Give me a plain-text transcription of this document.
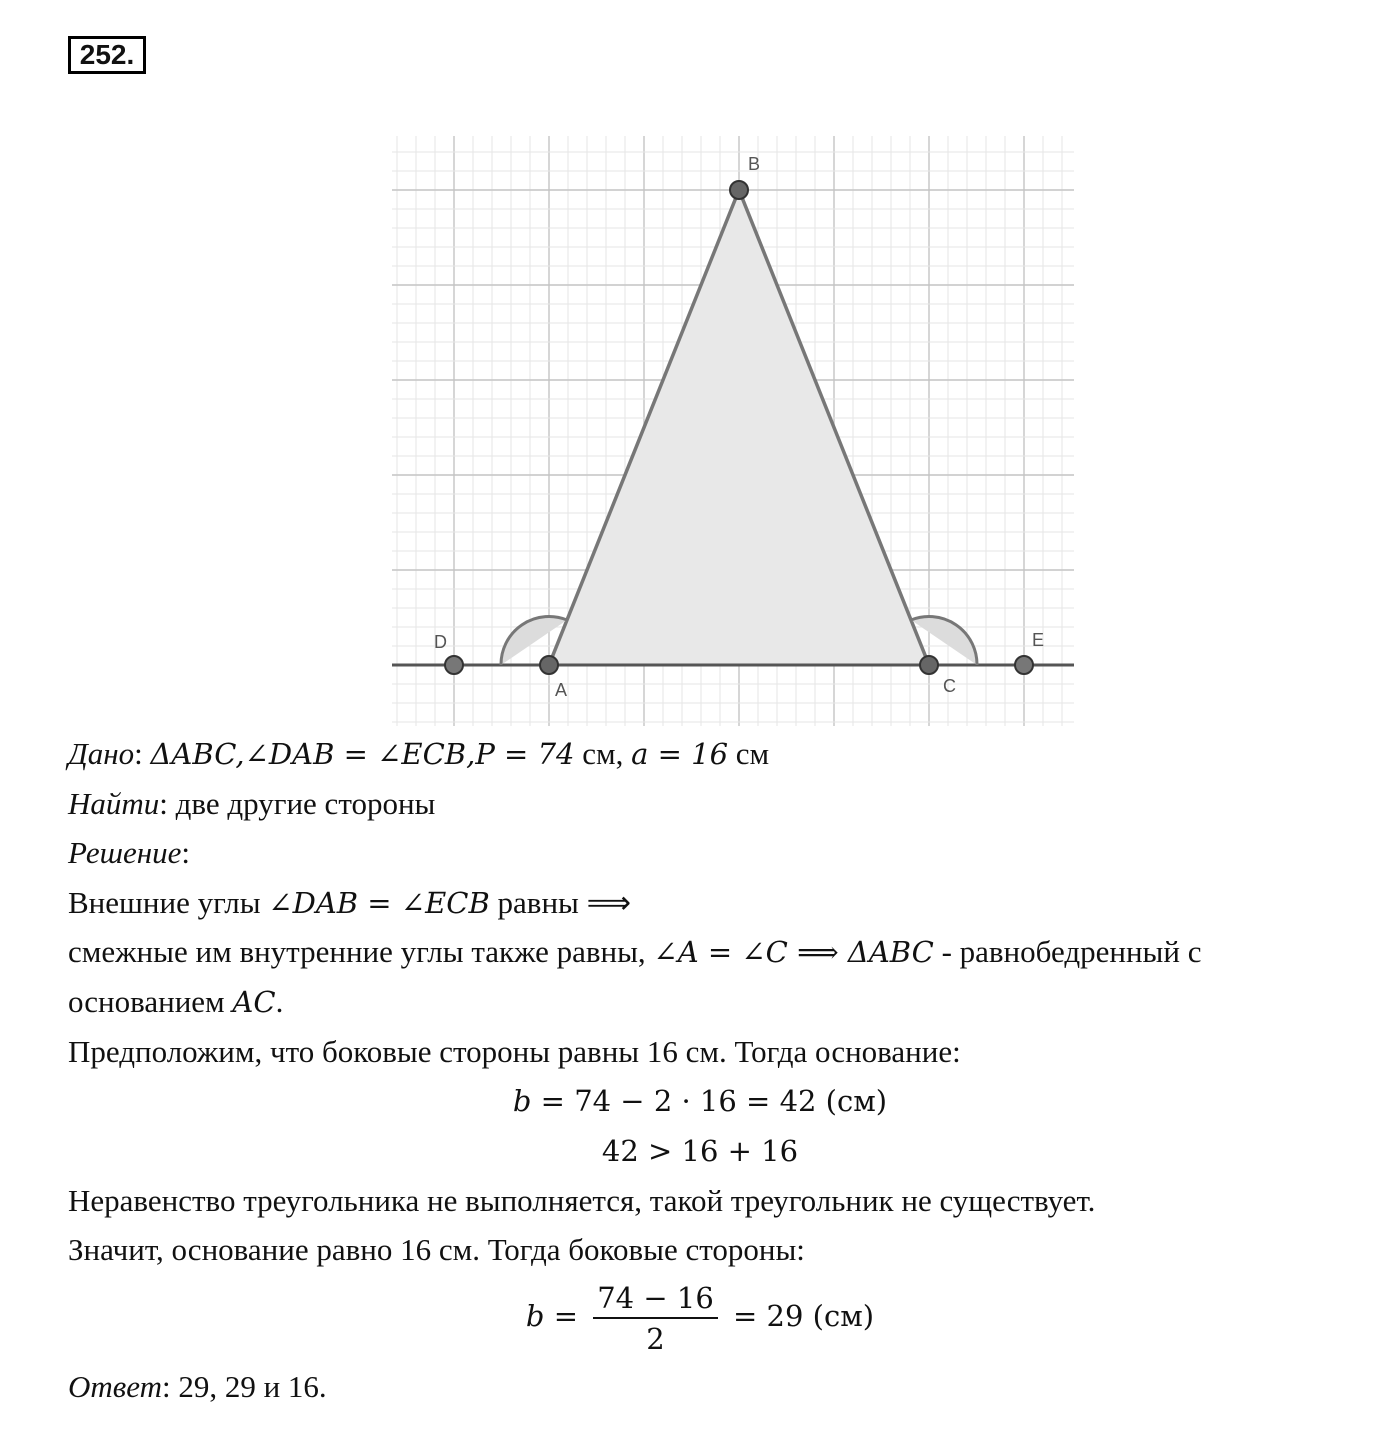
252.
B
D
A	C
E
Дано: ΔABC,∠DAB = ∠ECB,P = 74 см, a = 16 см
Найти: две другие стороны
Решение:
Внешние углы ∠DAB = ∠ECB равны ⟹
смежные им внутренние углы также равны, ∠A = ∠C ⟹ ΔABC - равнобедренный с
основанием AC.
Предположим, что боковые стороны равны 16 см. Тогда основание:
b = 74 − 2 · 16 = 42 (см)
42 > 16 + 16
Неравенство треугольника не выполняется, такой треугольник не существует.
Значит, основание равно 16 см. Тогда боковые стороны:
$b = \frac{74 - 16}{2} = 29$ (см)
Ответ: 29, 29 и 16.
